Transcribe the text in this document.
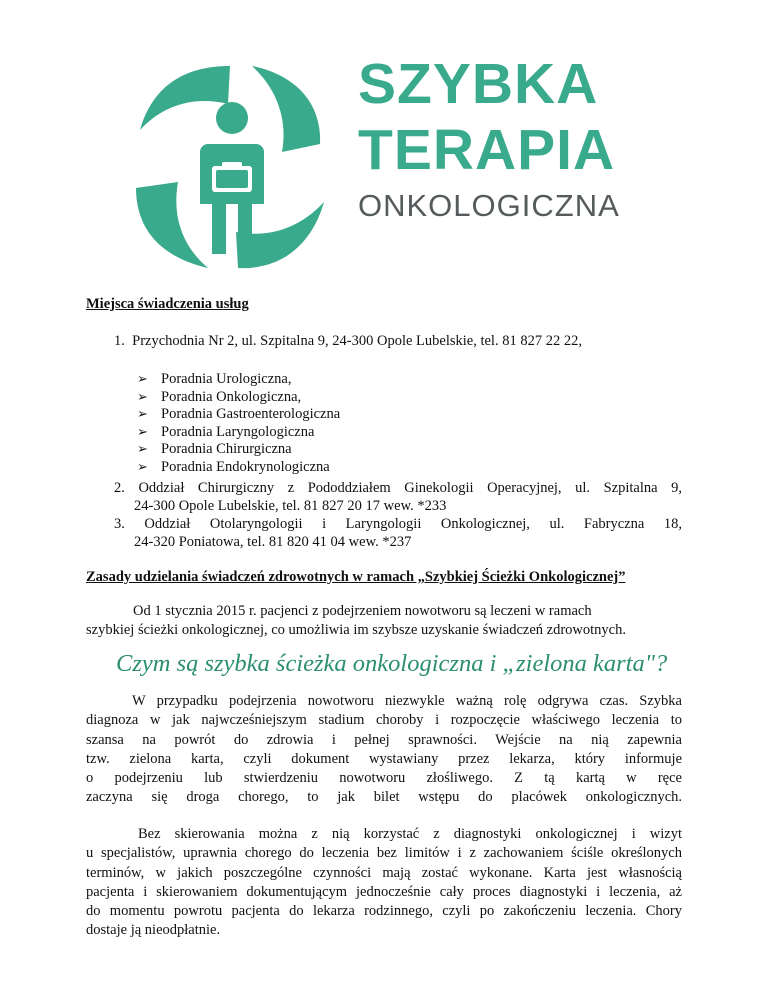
SZYBKA
TERAPIA
ONKOLOGICZNA
Miejsca świadczenia usług
1.  Przychodnia Nr 2, ul. Szpitalna 9, 24-300 Opole Lubelskie, tel. 81 827 22 22,
➢ Poradnia Urologiczna,
➢ Poradnia Onkologiczna,
➢ Poradnia Gastroenterologiczna
➢ Poradnia Laryngologiczna
➢ Poradnia Chirurgiczna
➢ Poradnia Endokrynologiczna
2. Oddział Chirurgiczny z Pododdziałem Ginekologii Operacyjnej, ul. Szpitalna 9,
24-300 Opole Lubelskie, tel. 81 827 20 17 wew. *233
3. Oddział Otolaryngologii i Laryngologii Onkologicznej, ul. Fabryczna 18,
24-320 Poniatowa, tel. 81 820 41 04 wew. *237
Zasady udzielania świadczeń zdrowotnych w ramach „Szybkiej Ścieżki Onkologicznej”
Od 1 stycznia 2015 r. pacjenci z podejrzeniem nowotworu są leczeni w ramach
szybkiej ścieżki onkologicznej, co umożliwia im szybsze uzyskanie świadczeń zdrowotnych.
Czym są szybka ścieżka onkologiczna i „zielona karta"?

W przypadku podejrzenia nowotworu niezwykle ważną rolę odgrywa czas. Szybka
diagnoza w jak najwcześniejszym stadium choroby i rozpoczęcie właściwego leczenia to
szansa na powrót do zdrowia i pełnej sprawności. Wejście na nią zapewnia
tzw. zielona karta, czyli dokument wystawiany przez lekarza, który informuje
o podejrzeniu lub stwierdzeniu nowotworu złośliwego. Z tą kartą w ręce
zaczyna się droga chorego, to jak bilet wstępu do placówek onkologicznych.

Bez skierowania można z nią korzystać z diagnostyki onkologicznej i wizyt
u specjalistów, uprawnia chorego do leczenia bez limitów i z zachowaniem ściśle określonych
terminów, w jakich poszczególne czynności mają zostać wykonane. Karta jest własnością
pacjenta i skierowaniem dokumentującym jednocześnie cały proces diagnostyki i leczenia, aż
do momentu powrotu pacjenta do lekarza rodzinnego, czyli po zakończeniu leczenia. Chory
dostaje ją nieodpłatnie.
